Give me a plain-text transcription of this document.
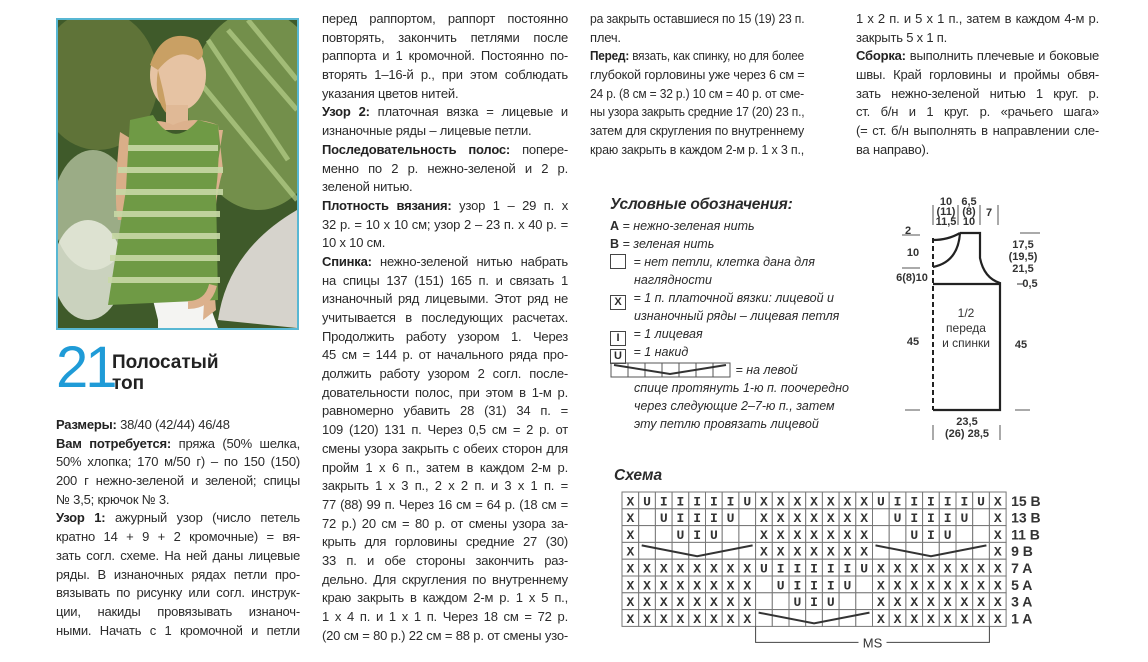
21
Полосатый
топ
Размеры: 38/40 (42/44) 46/48
Вам потребуется: пряжа (50% шелка,
50% хлопка; 170 м/50 г) – по 150 (150)
200 г нежно-зеленой и зеленой; спицы
№ 3,5; крючок № 3.
Узор 1: ажурный узор (число петель
кратно 14 + 9 + 2 кромочные) = вя-
зать согл. схеме. На ней даны лицевые
ряды. В изнаночных рядах петли про-
вязывать по рисунку или согл. инструк-
ции, накиды провязывать изнаноч-
ными. Начать с 1 кромочной и петли
перед раппортом, раппорт постоянно
повторять, закончить петлями после
раппорта и 1 кромочной. Постоянно по-
вторять 1–16-й р., при этом соблюдать
указания цветов нитей.
Узор 2: платочная вязка = лицевые и
изнаночные ряды – лицевые петли.
Последовательность полос: попере-
менно по 2 р. нежно-зеленой и 2 р.
зеленой нитью.
Плотность вязания: узор 1 – 29 п. х
32 р. = 10 х 10 см; узор 2 – 23 п. х 40 р. =
10 х 10 см.
Спинка: нежно-зеленой нитью набрать
на спицы 137 (151) 165 п. и связать 1
изнаночный ряд лицевыми. Этот ряд не
учитывается в последующих расчетах.
Продолжить работу узором 1. Через
45 см = 144 р. от начального ряда про-
должить работу узором 2 согл. после-
довательности полос, при этом в 1-м р.
равномерно убавить 28 (31) 34 п. =
109 (120) 131 п. Через 0,5 см = 2 р. от
смены узора закрыть с обеих сторон для
пройм 1 х 6 п., затем в каждом 2-м р.
закрыть 1 х 3 п., 2 х 2 п. и 3 х 1 п. =
77 (88) 99 п. Через 16 см = 64 р. (18 см =
72 р.) 20 см = 80 р. от смены узора за-
крыть для горловины средние 27 (30)
33 п. и обе стороны закончить раз-
дельно. Для скругления по внутреннему
краю закрыть в каждом 2-м р. 1 х 5 п.,
1 х 4 п. и 1 х 1 п. Через 18 см = 72 р.
(20 см = 80 р.) 22 см = 88 р. от смены узо-
ра закрыть оставшиеся по 15 (19) 23 п.
плеч.
Перед: вязать, как спинку, но для более
глубокой горловины уже через 6 см =
24 р. (8 см = 32 р.) 10 см = 40 р. от сме-
ны узора закрыть средние 17 (20) 23 п.,
затем для скругления по внутреннему
краю закрыть в каждом 2-м р. 1 х 3 п.,
1 х 2 п. и 5 х 1 п., затем в каждом 4-м р.
закрыть 5 х 1 п.
Сборка: выполнить плечевые и боковые
швы. Край горловины и проймы обвя-
зать нежно-зеленой нитью 1 круг. р.
ст. б/н и 1 круг. р. «рачьего шага»
(= ст. б/н выполнять в направлении сле-
ва направо).
Условные обозначения:
A = нежно-зеленая нить
B = зеленая нить
= нет петли, клетка дана для
наглядности
X = 1 п. платочной вязки: лицевой и
изнаночный ряды – лицевая петля
I = 1 лицевая
U = 1 накид
= на левой
спице протянуть 1-ю п. поочередно
через следующие 2–7-ю п., затем
эту петлю провязать лицевой
10
(11)
11,5
6,5
(8)
10
7
2
10
6(8)10
45
17,5
(19,5)
21,5
0,5
45
23,5
(26) 28,5
1/2
переда
и спинки
Схема
X U I I I I I U X X X X X X X U I I I I I U X 15 B
X _ U I I I U _ X X X X X X X _ U I I I U _ X 13 B
X _ _ U I U _ _ X X X X X X X _ _ U I U _ _ X 11 B
X V V V V V V V X X X X X X X V V V V V V V X 9 B
X X X X X X X X U I I I I I U X X X X X X X X 7 A
X X X X X X X X _ U I I I U _ X X X X X X X X 5 A
X X X X X X X X _ _ U I U _ _ X X X X X X X X 3 A
X X X X X X X X V V V V V V V X X X X X X X X 1 A
MS
